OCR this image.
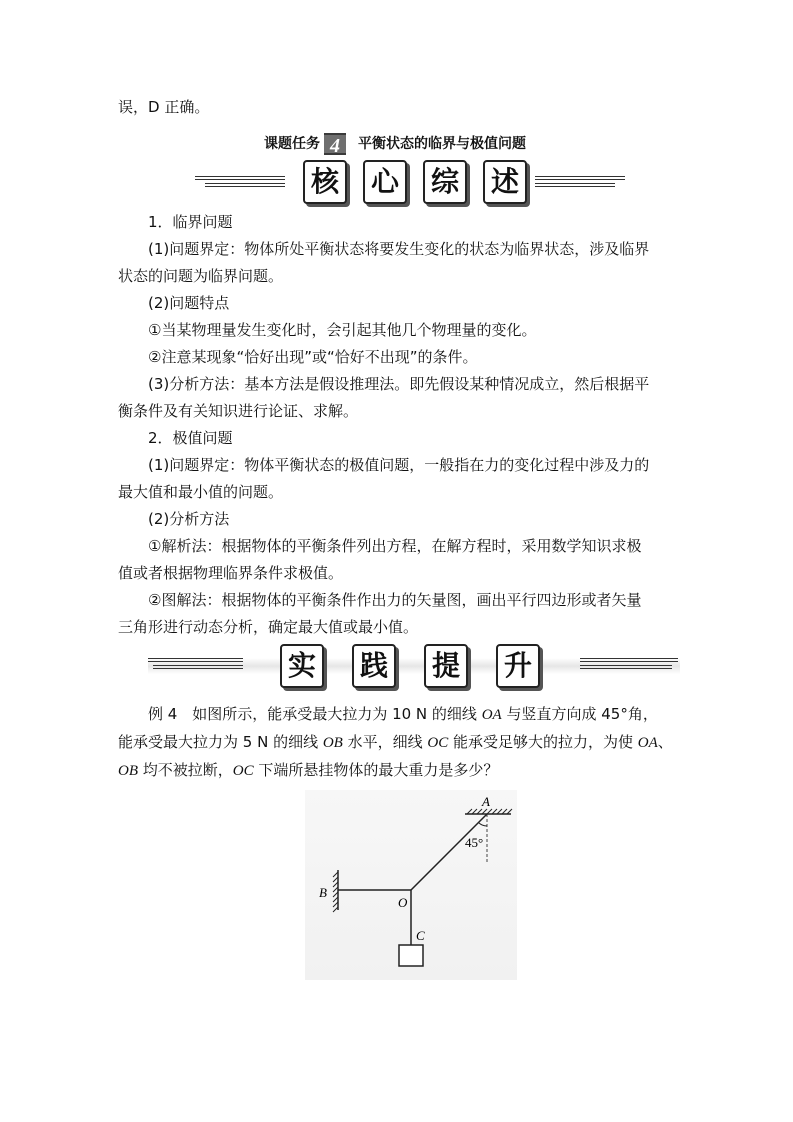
误，D 正确。
课题任务 4	平衡状态的临界与极值问题
核 心 综 述
1．临界问题
(1)问题界定：物体所处平衡状态将要发生变化的状态为临界状态，涉及临界
状态的问题为临界问题。
(2)问题特点
①当某物理量发生变化时，会引起其他几个物理量的变化。
②注意某现象“恰好出现”或“恰好不出现”的条件。
(3)分析方法：基本方法是假设推理法。即先假设某种情况成立，然后根据平
衡条件及有关知识进行论证、求解。
2．极值问题
(1)问题界定：物体平衡状态的极值问题，一般指在力的变化过程中涉及力的
最大值和最小值的问题。
(2)分析方法
①解析法：根据物体的平衡条件列出方程，在解方程时，采用数学知识求极
值或者根据物理临界条件求极值。
②图解法：根据物体的平衡条件作出力的矢量图，画出平行四边形或者矢量
三角形进行动态分析，确定最大值或最小值。
实 践 提 升
例 4　如图所示，能承受最大拉力为 10 N 的细线 OA 与竖直方向成 45°角，
能承受最大拉力为 5 N 的细线 OB 水平，细线 OC 能承受足够大的拉力，为使 OA、
OB 均不被拉断，OC 下端所悬挂物体的最大重力是多少？
45°
A
B
O
C
